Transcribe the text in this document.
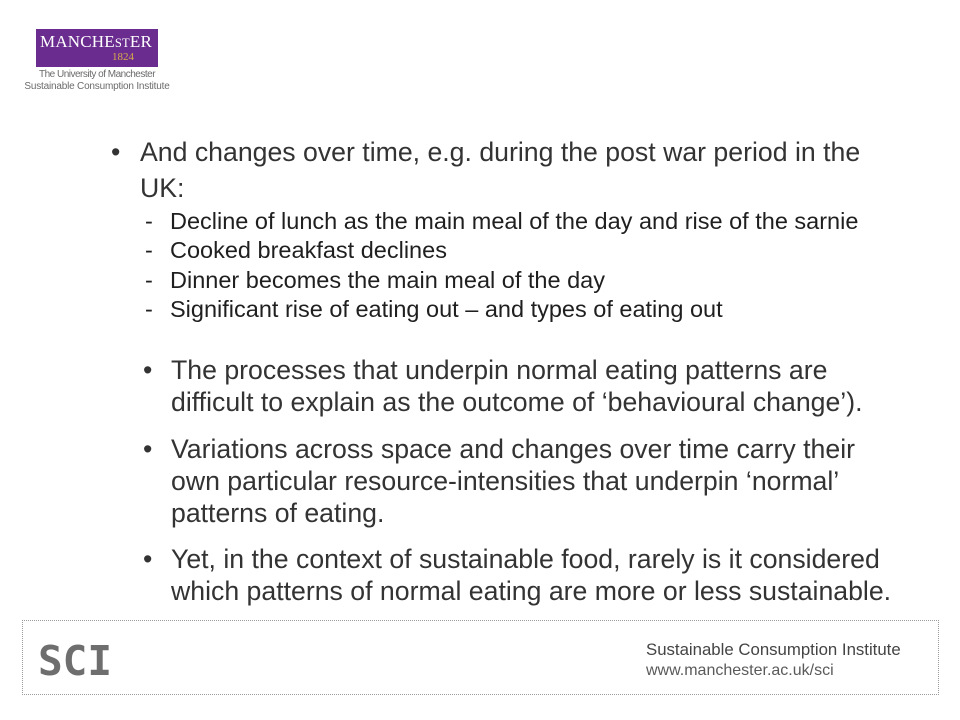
MANCHESTER
1824
The University of Manchester
Sustainable Consumption Institute
• And changes over time, e.g. during the post war period in the
UK:
- Decline of lunch as the main meal of the day and rise of the sarnie
- Cooked breakfast declines
- Dinner becomes the main meal of the day
- Significant rise of eating out – and types of eating out
• The processes that underpin normal eating patterns are
difficult to explain as the outcome of ‘behavioural change’).
• Variations across space and changes over time carry their
own particular resource-intensities that underpin ‘normal’
patterns of eating.
• Yet, in the context of sustainable food, rarely is it considered
which patterns of normal eating are more or less sustainable.
SCI	Sustainable Consumption Institute
www.manchester.ac.uk/sci
